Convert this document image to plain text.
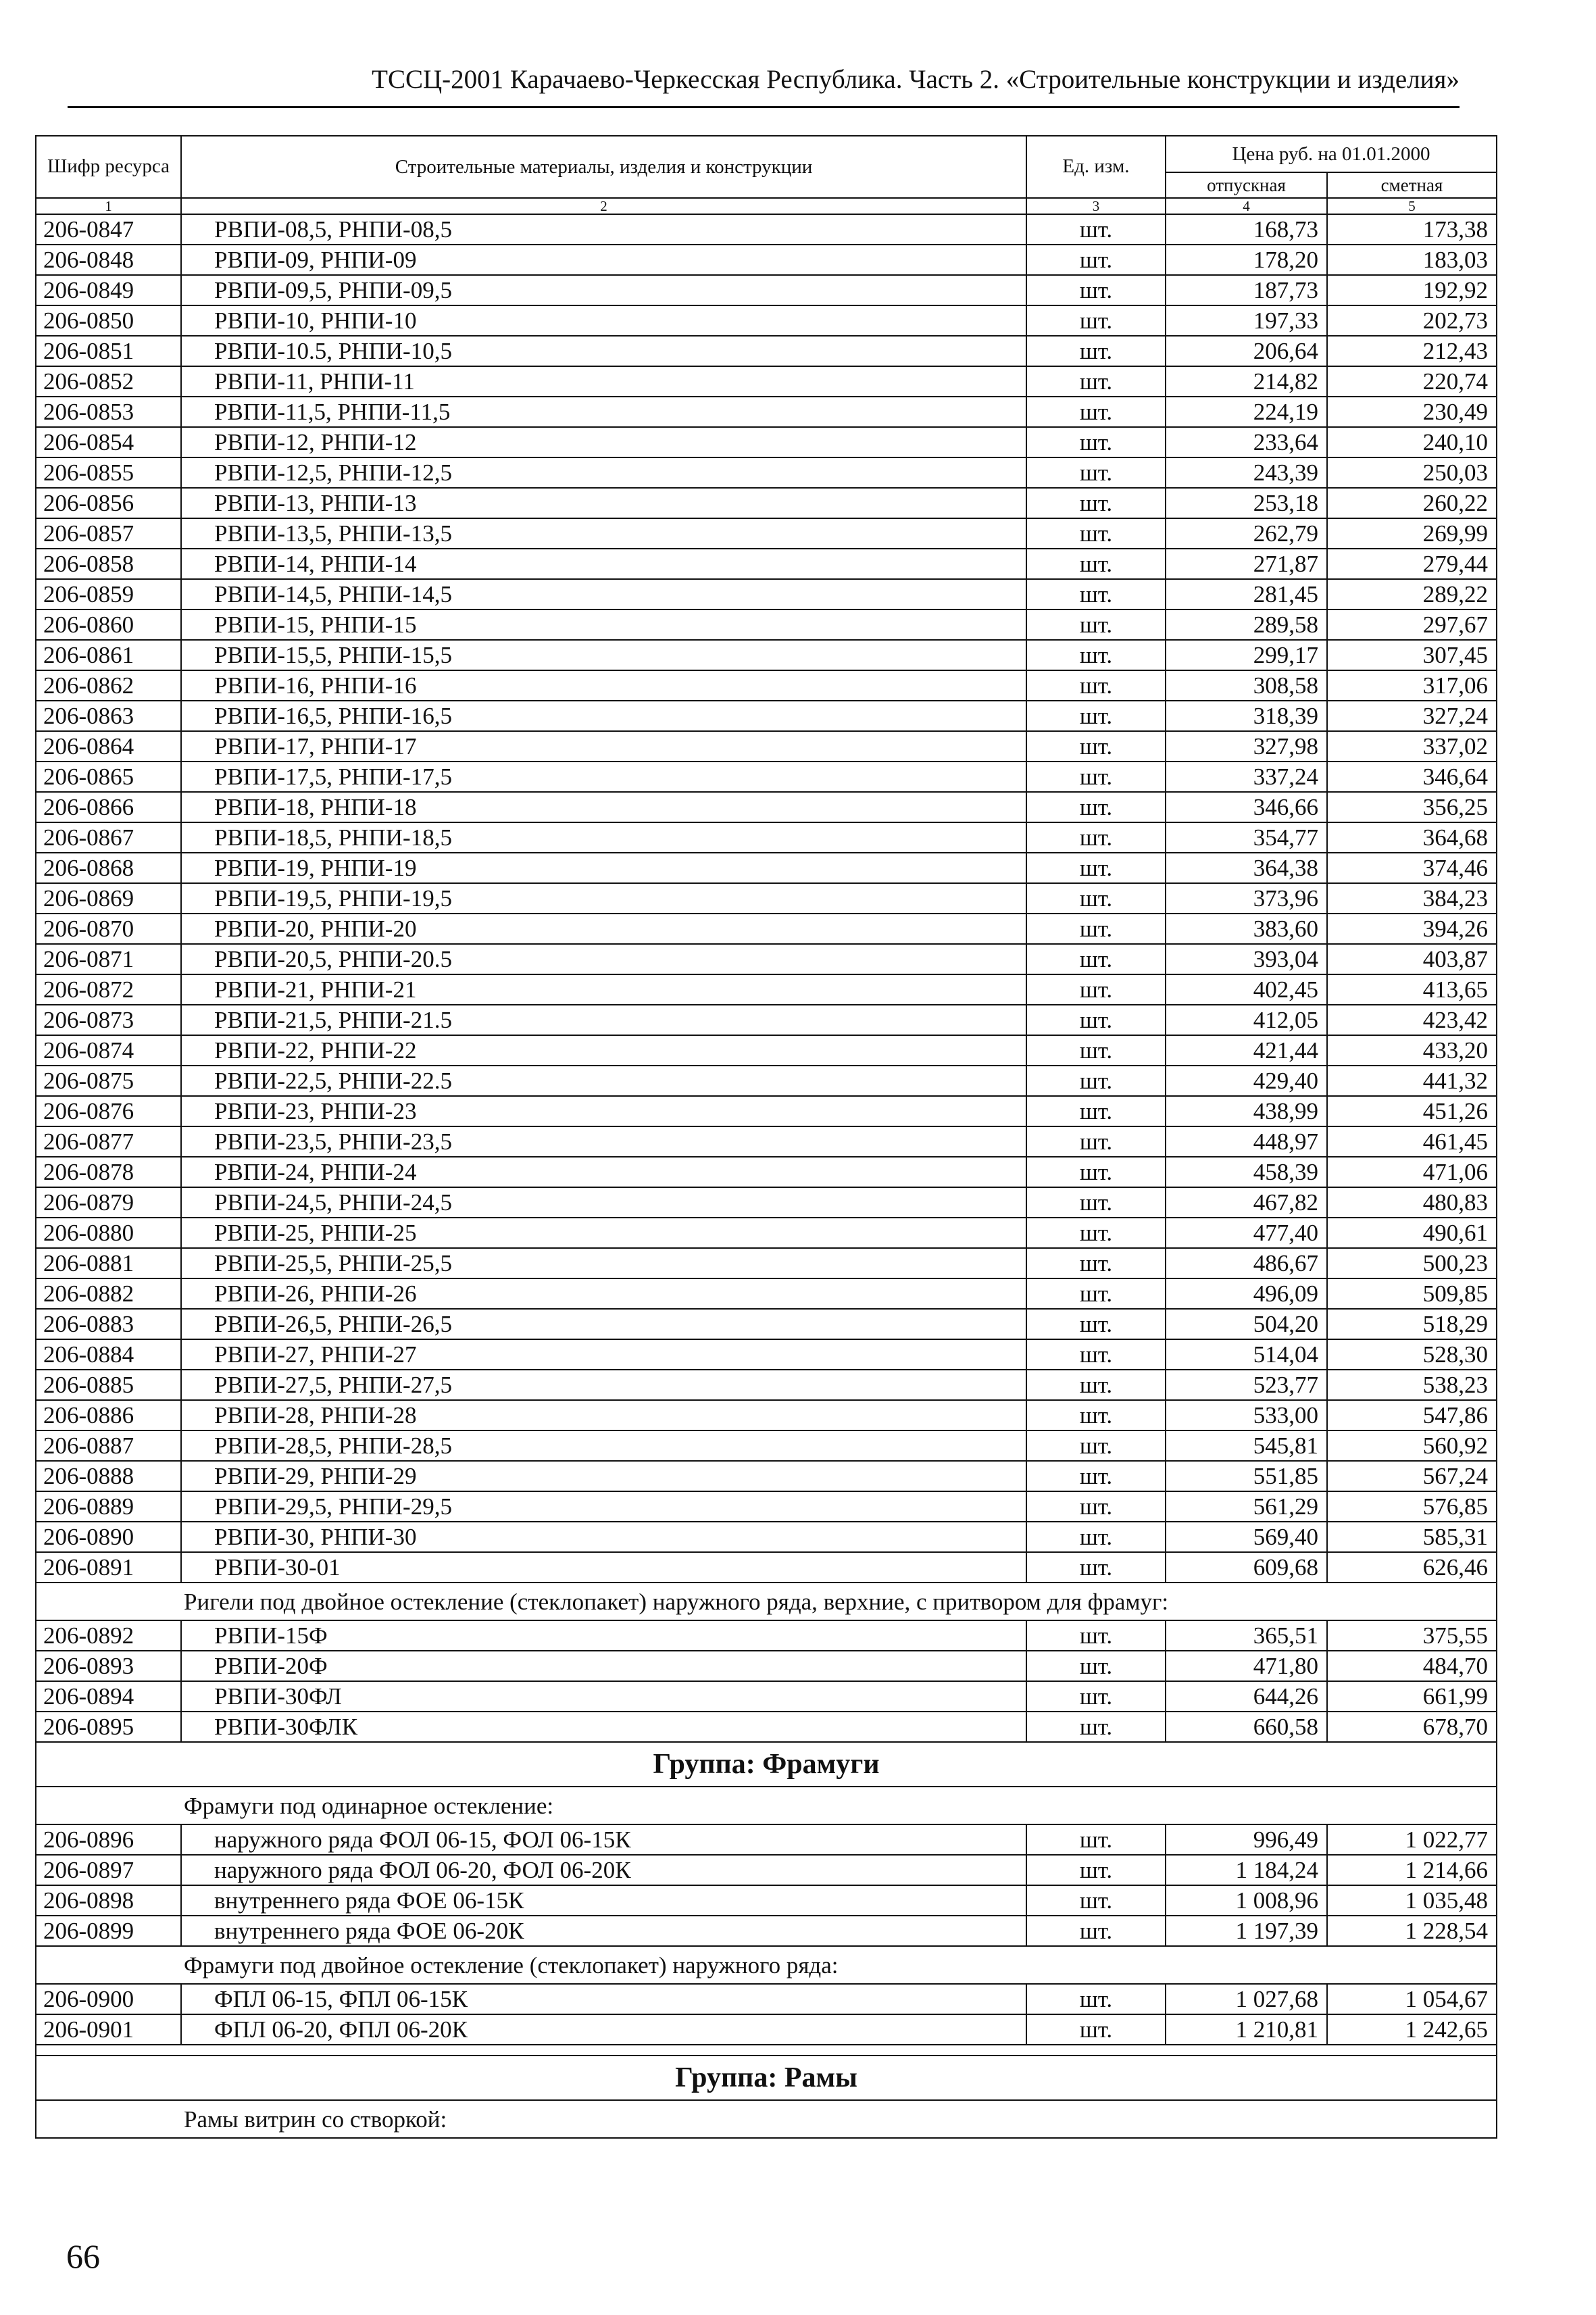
ТССЦ-2001 Карачаево-Черкесская Республика. Часть 2. «Строительные конструкции и изделия»
Шифр ресурса	Строительные материалы, изделия и конструкции	Ед. изм.	Цена руб. на 01.01.2000	
			отпускная	сметная
1	2	3	4	5
206-0847	РВПИ-08,5, РНПИ-08,5	шт.	168,73	173,38
206-0848	РВПИ-09, РНПИ-09	шт.	178,20	183,03
206-0849	РВПИ-09,5, РНПИ-09,5	шт.	187,73	192,92
206-0850	РВПИ-10, РНПИ-10	шт.	197,33	202,73
206-0851	РВПИ-10.5, РНПИ-10,5	шт.	206,64	212,43
206-0852	РВПИ-11, РНПИ-11	шт.	214,82	220,74
206-0853	РВПИ-11,5, РНПИ-11,5	шт.	224,19	230,49
206-0854	РВПИ-12, РНПИ-12	шт.	233,64	240,10
206-0855	РВПИ-12,5, РНПИ-12,5	шт.	243,39	250,03
206-0856	РВПИ-13, РНПИ-13	шт.	253,18	260,22
206-0857	РВПИ-13,5, РНПИ-13,5	шт.	262,79	269,99
206-0858	РВПИ-14, РНПИ-14	шт.	271,87	279,44
206-0859	РВПИ-14,5, РНПИ-14,5	шт.	281,45	289,22
206-0860	РВПИ-15, РНПИ-15	шт.	289,58	297,67
206-0861	РВПИ-15,5, РНПИ-15,5	шт.	299,17	307,45
206-0862	РВПИ-16, РНПИ-16	шт.	308,58	317,06
206-0863	РВПИ-16,5, РНПИ-16,5	шт.	318,39	327,24
206-0864	РВПИ-17, РНПИ-17	шт.	327,98	337,02
206-0865	РВПИ-17,5, РНПИ-17,5	шт.	337,24	346,64
206-0866	РВПИ-18, РНПИ-18	шт.	346,66	356,25
206-0867	РВПИ-18,5, РНПИ-18,5	шт.	354,77	364,68
206-0868	РВПИ-19, РНПИ-19	шт.	364,38	374,46
206-0869	РВПИ-19,5, РНПИ-19,5	шт.	373,96	384,23
206-0870	РВПИ-20, РНПИ-20	шт.	383,60	394,26
206-0871	РВПИ-20,5, РНПИ-20.5	шт.	393,04	403,87
206-0872	РВПИ-21, РНПИ-21	шт.	402,45	413,65
206-0873	РВПИ-21,5, РНПИ-21.5	шт.	412,05	423,42
206-0874	РВПИ-22, РНПИ-22	шт.	421,44	433,20
206-0875	РВПИ-22,5, РНПИ-22.5	шт.	429,40	441,32
206-0876	РВПИ-23, РНПИ-23	шт.	438,99	451,26
206-0877	РВПИ-23,5, РНПИ-23,5	шт.	448,97	461,45
206-0878	РВПИ-24, РНПИ-24	шт.	458,39	471,06
206-0879	РВПИ-24,5, РНПИ-24,5	шт.	467,82	480,83
206-0880	РВПИ-25, РНПИ-25	шт.	477,40	490,61
206-0881	РВПИ-25,5, РНПИ-25,5	шт.	486,67	500,23
206-0882	РВПИ-26, РНПИ-26	шт.	496,09	509,85
206-0883	РВПИ-26,5, РНПИ-26,5	шт.	504,20	518,29
206-0884	РВПИ-27, РНПИ-27	шт.	514,04	528,30
206-0885	РВПИ-27,5, РНПИ-27,5	шт.	523,77	538,23
206-0886	РВПИ-28, РНПИ-28	шт.	533,00	547,86
206-0887	РВПИ-28,5, РНПИ-28,5	шт.	545,81	560,92
206-0888	РВПИ-29, РНПИ-29	шт.	551,85	567,24
206-0889	РВПИ-29,5, РНПИ-29,5	шт.	561,29	576,85
206-0890	РВПИ-30, РНПИ-30	шт.	569,40	585,31
206-0891	РВПИ-30-01	шт.	609,68	626,46
Ригели под двойное остекление (стеклопакет) наружного ряда, верхние, с притвором для фрамуг:				
206-0892	РВПИ-15Ф	шт.	365,51	375,55
206-0893	РВПИ-20Ф	шт.	471,80	484,70
206-0894	РВПИ-30ФЛ	шт.	644,26	661,99
206-0895	РВПИ-30ФЛК	шт.	660,58	678,70
Группа: Фрамуги				
Фрамуги под одинарное остекление:				
206-0896	наружного ряда ФОЛ 06-15, ФОЛ 06-15К	шт.	996,49	1 022,77
206-0897	наружного ряда ФОЛ 06-20, ФОЛ 06-20К	шт.	1 184,24	1 214,66
206-0898	внутреннего ряда ФОЕ 06-15К	шт.	1 008,96	1 035,48
206-0899	внутреннего ряда ФОЕ 06-20К	шт.	1 197,39	1 228,54
Фрамуги под двойное остекление (стеклопакет) наружного ряда:				
206-0900	ФПЛ 06-15, ФПЛ 06-15К	шт.	1 027,68	1 054,67
206-0901	ФПЛ 06-20, ФПЛ 06-20К	шт.	1 210,81	1 242,65

Группа: Рамы				
Рамы витрин со створкой:				
66
